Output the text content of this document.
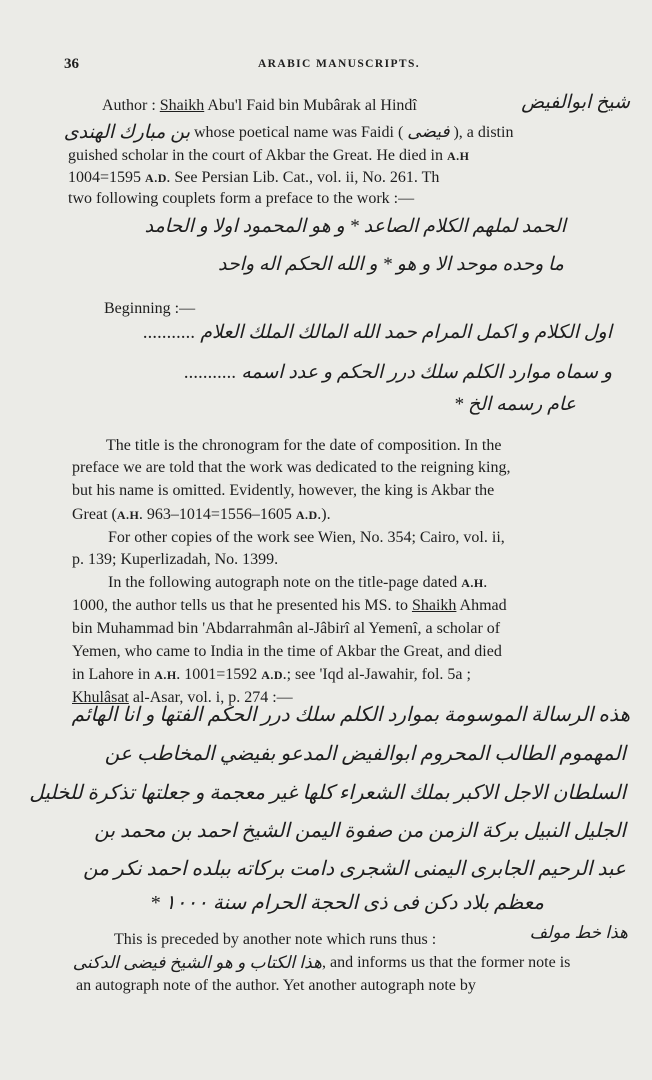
36	ARABIC MANUSCRIPTS.
Author : Shaikh Abu'l Faid bin Mubârak al Hindî	شيخ ابوالفيض
بن مبارك الهندى whose poetical name was Faidi ( فيضى ), a distin
guished scholar in the court of Akbar the Great. He died in A.H
1004=1595 A.D. See Persian Lib. Cat., vol. ii, No. 261. Th
two following couplets form a preface to the work :—
الحمد لملهم الكلام الصاعد * و هو المحمود اولا و الحامد
ما وحده موحد الا و هو * و الله الحكم اله واحد
Beginning :—
اول الكلام و اكمل المرام حمد الله المالك الملك العلام ...........
و سماه موارد الكلم سلك درر الحكم و عدد اسمه ...........
عام رسمه الخ *
The title is the chronogram for the date of composition. In the
preface we are told that the work was dedicated to the reigning king,
but his name is omitted. Evidently, however, the king is Akbar the
Great (A.H. 963–1014=1556–1605 A.D.).
For other copies of the work see Wien, No. 354; Cairo, vol. ii,
p. 139; Kuperlizadah, No. 1399.
In the following autograph note on the title-page dated A.H.
1000, the author tells us that he presented his MS. to Shaikh Ahmad
bin Muhammad bin 'Abdarrahmân al-Jâbirî al Yemenî, a scholar of
Yemen, who came to India in the time of Akbar the Great, and died
in Lahore in A.H. 1001=1592 A.D.; see 'Iqd al-Jawahir, fol. 5a ;
Khulâsat al-Asar, vol. i, p. 274 :—
هذه الرسالة الموسومة بموارد الكلم سلك درر الحكم الفتها و انا الهائم
المهموم الطالب المحروم ابوالفيض المدعو بفيضي المخاطب عن
السلطان الاجل الاكبر بملك الشعراء كلها غير معجمة و جعلتها تذكرة للخليل
الجليل النبيل بركة الزمن من صفوة اليمن الشيخ احمد بن محمد بن
عبد الرحيم الجابرى اليمنى الشجرى دامت بركاته ببلده احمد نكر من
معظم بلاد دكن فى ذى الحجة الحرام سنة ١٠٠٠ *
This is preceded by another note which runs thus :	هذا خط مولف
هذا الكتاب و هو الشيخ فيضى الدكنى , and informs us that the former note is
an autograph note of the author. Yet another autograph note by
